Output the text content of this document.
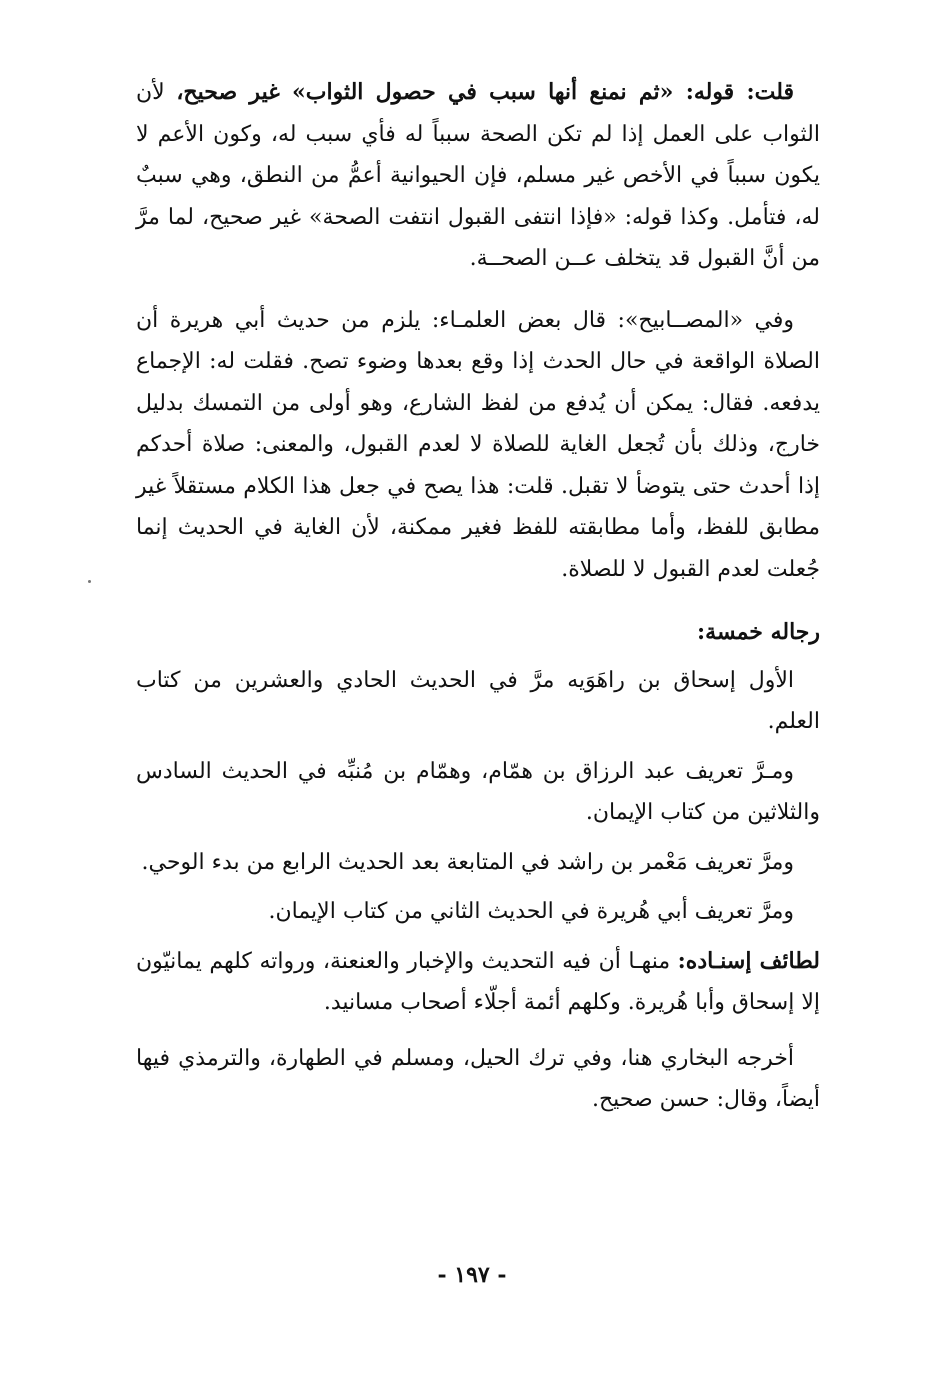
قلت: قوله: «ثم نمنع أنها سبب في حصول الثواب» غير صحيح، لأن الثواب على العمل إذا لم تكن الصحة سبباً له فأي سبب له، وكون الأعم لا يكون سبباً في الأخص غير مسلم، فإن الحيوانية أعمُّ من النطق، وهي سببٌ له، فتأمل. وكذا قوله: «فإذا انتفى القبول انتفت الصحة» غير صحيح، لما مرَّ من أنَّ القبول قد يتخلف عــن الصحــة.

وفي «المصــابيح»: قال بعض العلمـاء: يلزم من حديث أبي هريرة أن الصلاة الواقعة في حال الحدث إذا وقع بعدها وضوء تصح. فقلت له: الإجماع يدفعه. فقال: يمكن أن يُدفع من لفظ الشارع، وهو أولى من التمسك بدليل خارج، وذلك بأن تُجعل الغاية للصلاة لا لعدم القبول، والمعنى: صلاة أحدكم إذا أحدث حتى يتوضأ لا تقبل. قلت: هذا يصح في جعل هذا الكلام مستقلاً غير مطابق للفظ، وأما مطابقته للفظ فغير ممكنة، لأن الغاية في الحديث إنما جُعلت لعدم القبول لا للصلاة.

رجاله خمسة:

الأول إسحاق بن راهَوَيه مرَّ في الحديث الحادي والعشرين من كتاب العلم.

ومـرَّ تعريف عبد الرزاق بن همّام، وهمّام بن مُنبِّه في الحديث السادس والثلاثين من كتاب الإيمان.

ومرَّ تعريف مَعْمر بن راشد في المتابعة بعد الحديث الرابع من بدء الوحي.

ومرَّ تعريف أبي هُريرة في الحديث الثاني من كتاب الإيمان.

لطائف إسنـاده: منهـا أن فيه التحديث والإخبار والعنعنة، ورواته كلهم يمانيّون إلا إسحاق وأبا هُريرة. وكلهم أئمة أجلّاء أصحاب مسانيد.

أخرجه البخاري هنا، وفي ترك الحيل، ومسلم في الطهارة، والترمذي فيها أيضاً، وقال: حسن صحيح.

- ١٩٧ -
